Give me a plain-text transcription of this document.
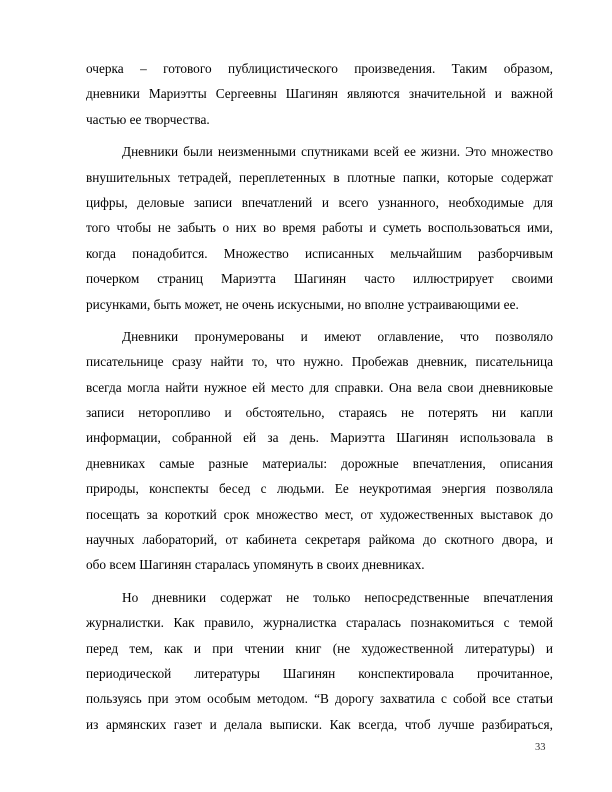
очерка – готового публицистического произведения. Таким образом,
дневники Мариэтты Сергеевны Шагинян являются значительной и важной
частью ее творчества.
Дневники были неизменными спутниками всей ее жизни. Это множество
внушительных тетрадей, переплетенных в плотные папки, которые содержат
цифры, деловые записи впечатлений и всего узнанного, необходимые для
того чтобы не забыть о них во время работы и суметь воспользоваться ими,
когда понадобится. Множество исписанных мельчайшим разборчивым
почерком страниц Мариэтта Шагинян часто иллюстрирует своими
рисунками, быть может, не очень искусными, но вполне устраивающими ее.
Дневники пронумерованы и имеют оглавление, что позволяло
писательнице сразу найти то, что нужно. Пробежав дневник, писательница
всегда могла найти нужное ей место для справки. Она вела свои дневниковые
записи неторопливо и обстоятельно, стараясь не потерять ни капли
информации, собранной ей за день. Мариэтта Шагинян использовала в
дневниках самые разные материалы: дорожные впечатления, описания
природы, конспекты бесед с людьми. Ее неукротимая энергия позволяла
посещать за короткий срок множество мест, от художественных выставок до
научных лабораторий, от кабинета секретаря райкома до скотного двора, и
обо всем Шагинян старалась упомянуть в своих дневниках.
Но дневники содержат не только непосредственные впечатления
журналистки. Как правило, журналистка старалась познакомиться с темой
перед тем, как и при чтении книг (не художественной литературы) и
периодической литературы Шагинян конспектировала прочитанное,
пользуясь при этом особым методом. “В дорогу захватила с собой все статьи
из армянских газет и делала выписки. Как всегда, чтоб лучше разбираться,
33
